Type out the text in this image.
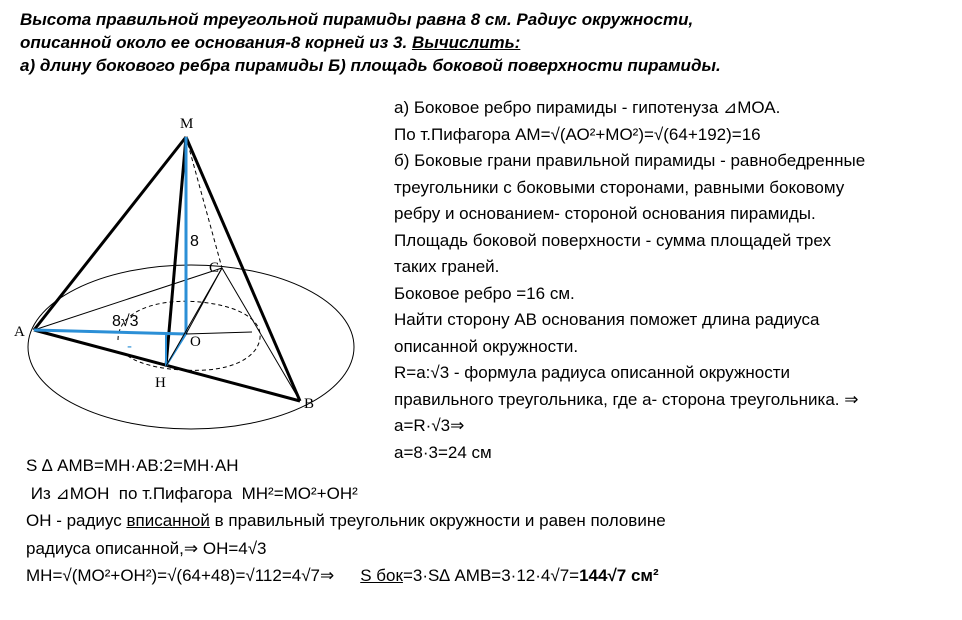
Высота правильной треугольной пирамиды равна 8 см. Радиус окружности,
описанной около ее основания-8 корней из 3. Вычислить:
а) длину бокового ребра пирамиды Б) площадь боковой поверхности пирамиды.
M
A
B
C
O
H
8
8√3
-
а) Боковое ребро пирамиды - гипотенуза ⊿МОА.
По т.Пифагора АМ=√(АО²+МО²)=√(64+192)=16
б) Боковые грани правильной пирамиды - равнобедренные
треугольники с боковыми сторонами, равными боковому
ребру и основанием- стороной основания пирамиды.
Площадь боковой поверхности - сумма площадей трех
таких граней.
Боковое ребро =16 см.
Найти сторону АВ основания поможет длина радиуса
описанной окружности.
R=a:√3 - формула радиуса описанной окружности
правильного треугольника, где а- сторона треугольника. ⇒
a=R·√3⇒
a=8·3=24 см
S ∆ АМВ=МН·АВ:2=МН·АН
Из ⊿МОН  по т.Пифагора  МН²=МО²+ОН²
ОН - радиус вписанной в правильный треугольник окружности и равен половине
радиуса описанной,⇒ ОН=4√3
МН=√(МО²+ОН²)=√(64+48)=√112=4√7⇒ S бок=3·S∆ АМВ=3·12·4√7=144√7 см²
